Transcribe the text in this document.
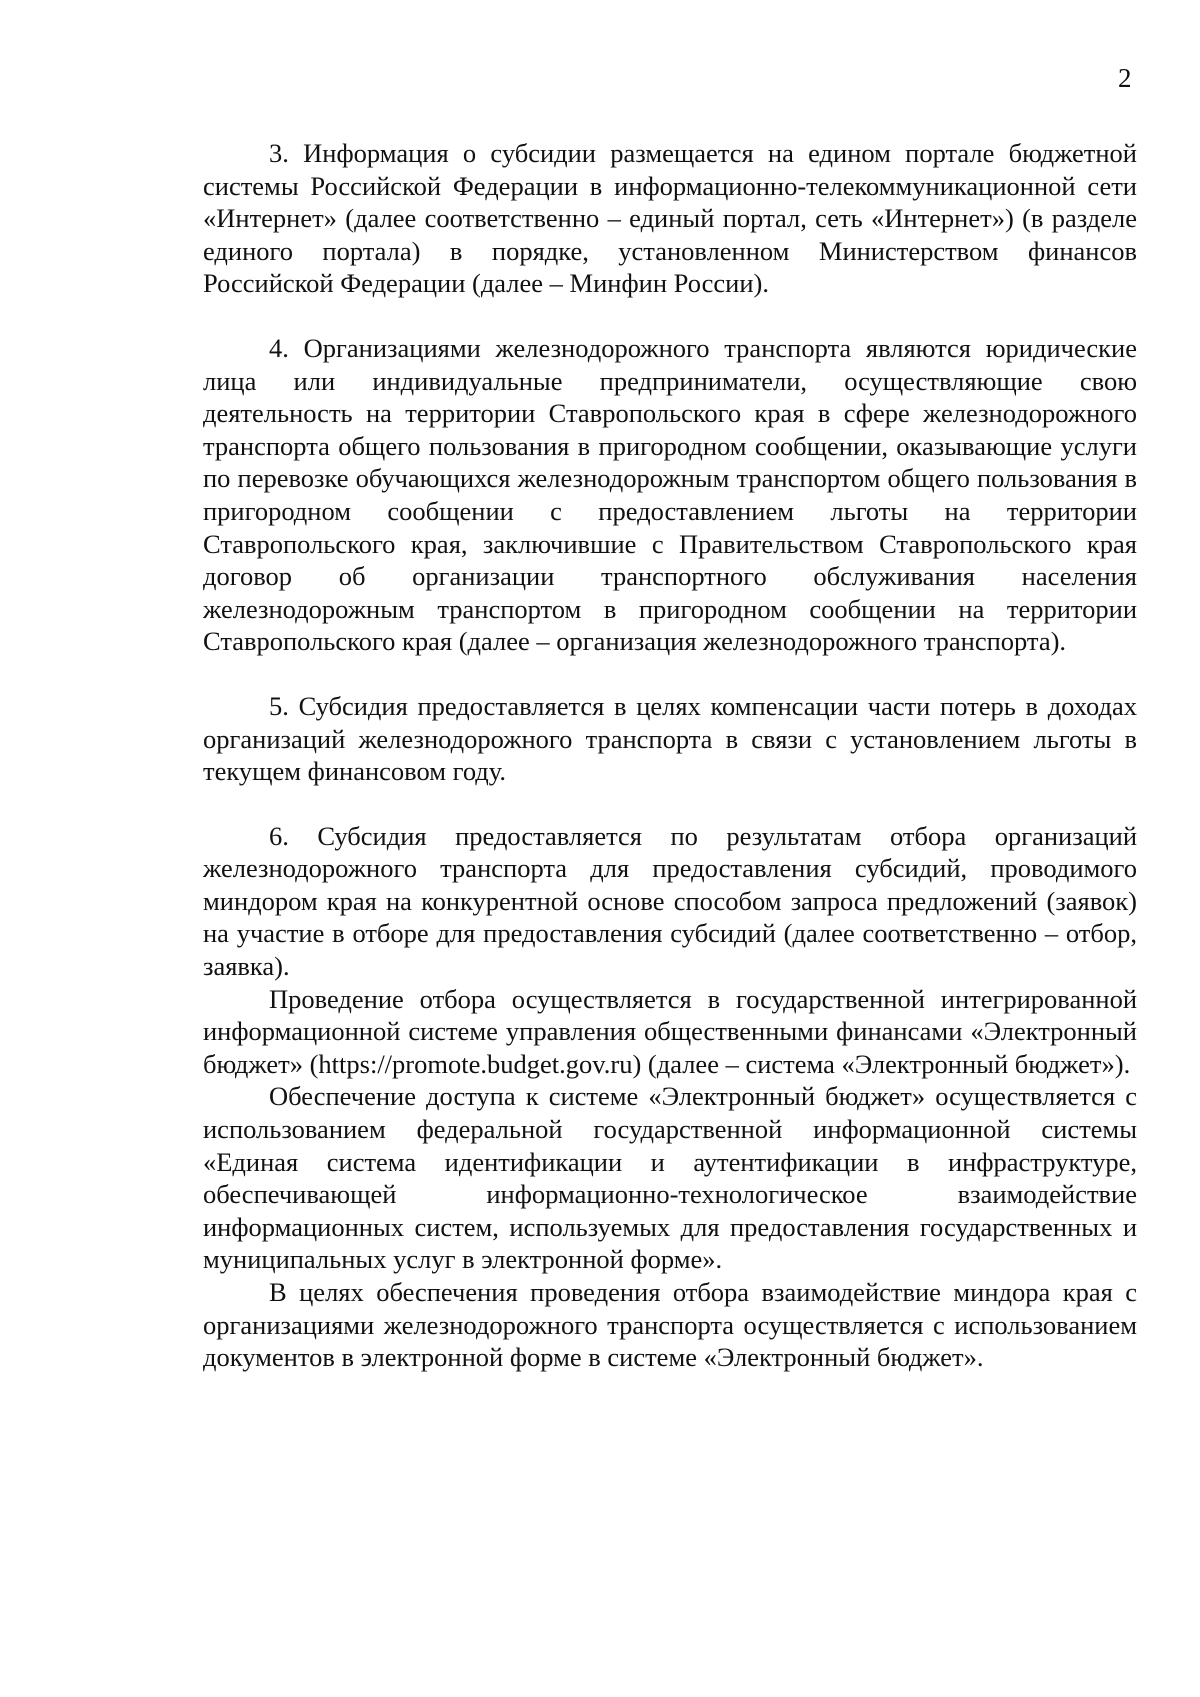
2

3. Информация о субсидии размещается на едином портале бюджетной системы Российской Федерации в информационно-телекоммуникационной сети «Интернет» (далее соответственно – единый портал, сеть «Интернет») (в разделе единого портала) в порядке, установленном Министерством финансов Российской Федерации (далее – Минфин России).

4. Организациями железнодорожного транспорта являются юридические лица или индивидуальные предприниматели, осуществляющие свою деятельность на территории Ставропольского края в сфере железнодорожного транспорта общего пользования в пригородном сообщении, оказывающие услуги по перевозке обучающихся железнодорожным транспортом общего пользования в пригородном сообщении с предоставлением льготы на территории Ставропольского края, заключившие с Правительством Ставропольского края договор об организации транспортного обслуживания населения железнодорожным транспортом в пригородном сообщении на территории Ставропольского края (далее – организация железнодорожного транспорта).

5. Субсидия предоставляется в целях компенсации части потерь в доходах организаций железнодорожного транспорта в связи с установлением льготы в текущем финансовом году.

6. Субсидия предоставляется по результатам отбора организаций железнодорожного транспорта для предоставления субсидий, проводимого миндором края на конкурентной основе способом запроса предложений (заявок) на участие в отборе для предоставления субсидий (далее соответственно – отбор, заявка).

Проведение отбора осуществляется в государственной интегрированной информационной системе управления общественными финансами «Электронный бюджет» (https://promote.budget.gov.ru) (далее – система «Электронный бюджет»).

Обеспечение доступа к системе «Электронный бюджет» осуществляется с использованием федеральной государственной информационной системы «Единая система идентификации и аутентификации в инфраструктуре, обеспечивающей информационно-технологическое взаимодействие информационных систем, используемых для предоставления государственных и муниципальных услуг в электронной форме».

В целях обеспечения проведения отбора взаимодействие миндора края с организациями железнодорожного транспорта осуществляется с использованием документов в электронной форме в системе «Электронный бюджет».
